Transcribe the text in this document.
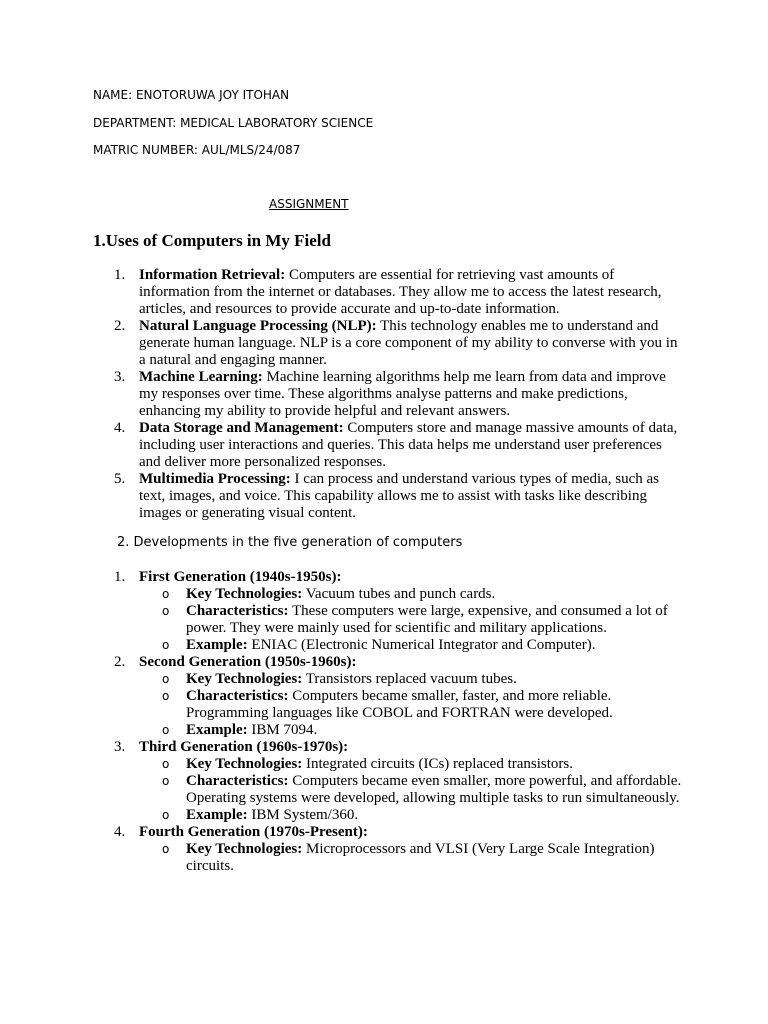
NAME: ENOTORUWA JOY ITOHAN
DEPARTMENT: MEDICAL LABORATORY SCIENCE
MATRIC NUMBER: AUL/MLS/24/087
ASSIGNMENT
1.Uses of Computers in My Field
1. Information Retrieval: Computers are essential for retrieving vast amounts of information from the internet or databases. They allow me to access the latest research, articles, and resources to provide accurate and up-to-date information.
2. Natural Language Processing (NLP): This technology enables me to understand and generate human language. NLP is a core component of my ability to converse with you in a natural and engaging manner.
3. Machine Learning: Machine learning algorithms help me learn from data and improve my responses over time. These algorithms analyse patterns and make predictions, enhancing my ability to provide helpful and relevant answers.
4. Data Storage and Management: Computers store and manage massive amounts of data, including user interactions and queries. This data helps me understand user preferences and deliver more personalized responses.
5. Multimedia Processing: I can process and understand various types of media, such as text, images, and voice. This capability allows me to assist with tasks like describing images or generating visual content.
2. Developments in the five generation of computers
1. First Generation (1940s-1950s):
o Key Technologies: Vacuum tubes and punch cards.
o Characteristics: These computers were large, expensive, and consumed a lot of power. They were mainly used for scientific and military applications.
o Example: ENIAC (Electronic Numerical Integrator and Computer).
2. Second Generation (1950s-1960s):
o Key Technologies: Transistors replaced vacuum tubes.
o Characteristics: Computers became smaller, faster, and more reliable. Programming languages like COBOL and FORTRAN were developed.
o Example: IBM 7094.
3. Third Generation (1960s-1970s):
o Key Technologies: Integrated circuits (ICs) replaced transistors.
o Characteristics: Computers became even smaller, more powerful, and affordable. Operating systems were developed, allowing multiple tasks to run simultaneously.
o Example: IBM System/360.
4. Fourth Generation (1970s-Present):
o Key Technologies: Microprocessors and VLSI (Very Large Scale Integration) circuits.
